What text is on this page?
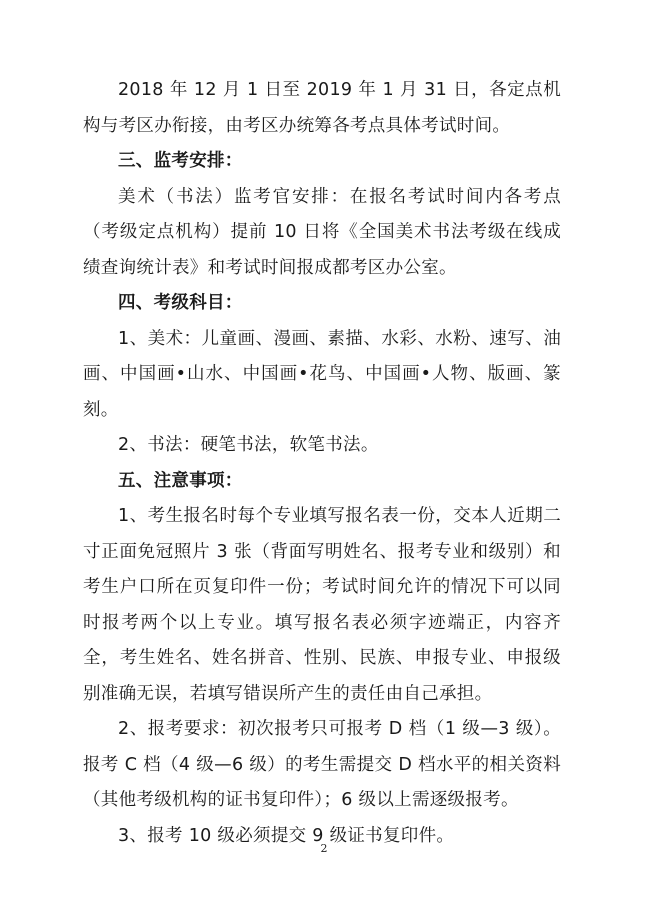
2018 年 12 月 1 日至 2019 年 1 月 31 日，各定点机构与考区办衔接，由考区办统筹各考点具体考试时间。

三、监考安排：

美术（书法）监考官安排：在报名考试时间内各考点（考级定点机构）提前 10 日将《全国美术书法考级在线成绩查询统计表》和考试时间报成都考区办公室。

四、考级科目：

1、美术：儿童画、漫画、素描、水彩、水粉、速写、油画、中国画•山水、中国画•花鸟、中国画•人物、版画、篆刻。

2、书法：硬笔书法，软笔书法。

五、注意事项：

1、考生报名时每个专业填写报名表一份，交本人近期二寸正面免冠照片 3 张（背面写明姓名、报考专业和级别）和考生户口所在页复印件一份；考试时间允许的情况下可以同时报考两个以上专业。填写报名表必须字迹端正，内容齐全，考生姓名、姓名拼音、性别、民族、申报专业、申报级别准确无误，若填写错误所产生的责任由自己承担。

2、报考要求：初次报考只可报考 D 档（1 级—3 级）。报考 C 档（4 级—6 级）的考生需提交 D 档水平的相关资料（其他考级机构的证书复印件）；6 级以上需逐级报考。

3、报考 10 级必须提交 9 级证书复印件。

2
